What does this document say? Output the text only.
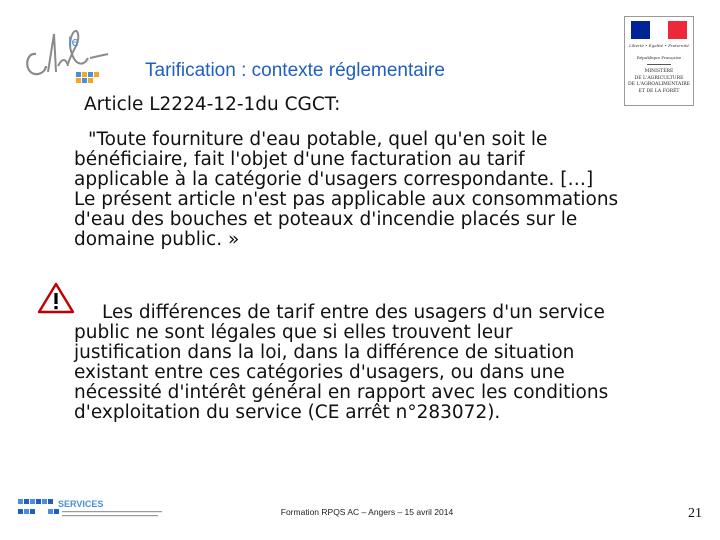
le	Liberté • Égalité • Fraternité
République Française
MINISTÈRE
DE L'AGRICULTURE
DE L'AGROALIMENTAIRE
ET DE LA FORÊT
Tarification : contexte réglementaire
Article L2224-12-1du CGCT:
"Toute fourniture d'eau potable, quel qu'en soit le
bénéficiaire, fait l'objet d'une facturation au tarif
applicable à la catégorie d'usagers correspondante. […]
Le présent article n'est pas applicable aux consommations
d'eau des bouches et poteaux d'incendie placés sur le
domaine public. »
Les différences de tarif entre des usagers d'un service
public ne sont légales que si elles trouvent leur
justification dans la loi, dans la différence de situation
existant entre ces catégories d'usagers, ou dans une
nécessité d'intérêt général en rapport avec les conditions
d'exploitation du service (CE arrêt n°283072).
SERVICES
Formation RPQS AC – Angers – 15 avril 2014	21
